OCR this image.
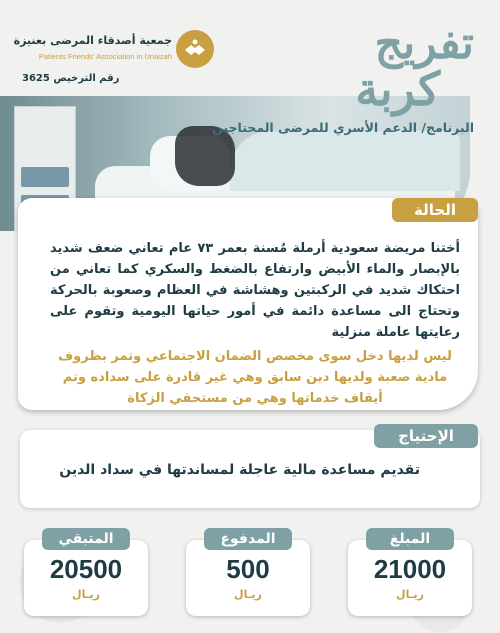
جمعية أصدقاء المرضى بعنيزة
Patients Friends' Association in Unaizah
رقم الترخيص 3625
تفريج
كربة
البرنامج/ الدعم الأسري للمرضى المحتاجين
الحالة
أختنا مريضة سعودية أرملة مُسنة بعمر ٧٣ عام تعاني ضعف شديد بالإبصار والماء الأبيض وارتفاع بالضغط والسكري كما تعاني من احتكاك شديد في الركبتين وهشاشة في العظام وصعوبة بالحركة وتحتاج الى مساعدة دائمة في أمور حياتها اليومية وتقوم على رعايتها عاملة منزلية
ليس لديها دخل سوى مخصص الضمان الاجتماعي وتمر بظروف مادية صعبة ولديها دين سابق وهي غير قادرة على سداده وتم أيقاف خدماتها وهي من مستحقي الزكاة
الإحتياج
تقديم مساعدة مالية عاجلة لمساندتها في سداد الدين
المبلغ
21000
ريـال
المدفوع
500
ريـال
المتبقي
20500
ريـال
